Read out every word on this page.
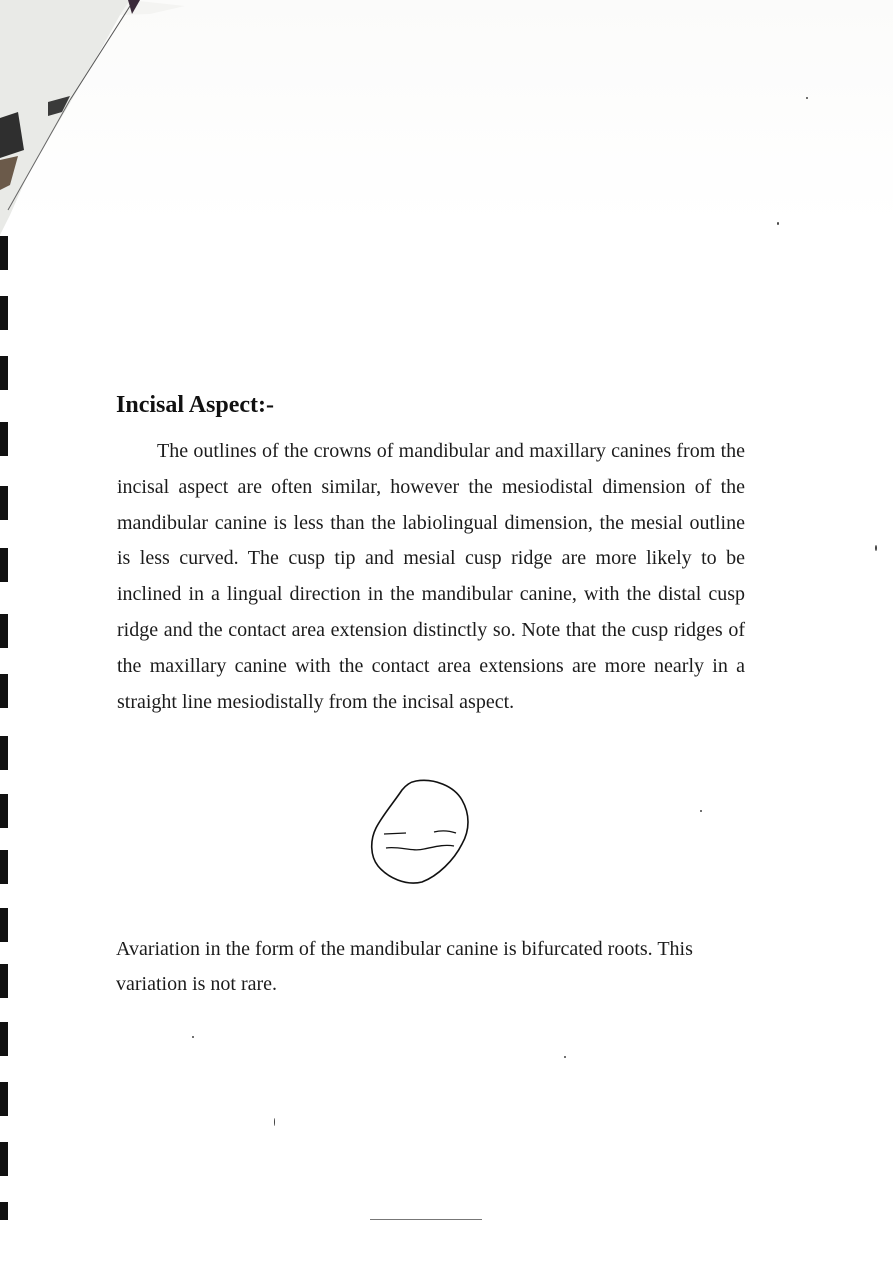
Incisal Aspect:-

The outlines of the crowns of mandibular and maxillary canines from the incisal aspect are often similar, however the mesiodistal dimension of the mandibular canine is less than the labiolingual dimension, the mesial outline is less curved. The cusp tip and mesial cusp ridge are more likely to be inclined in a lingual direction in the mandibular canine, with the distal cusp ridge and the contact area extension distinctly so. Note that the cusp ridges of the maxillary canine with the contact area extensions are more nearly in a straight line mesiodistally from the incisal aspect.

Avariation in the form of the mandibular canine is bifurcated roots. This variation is not rare.
